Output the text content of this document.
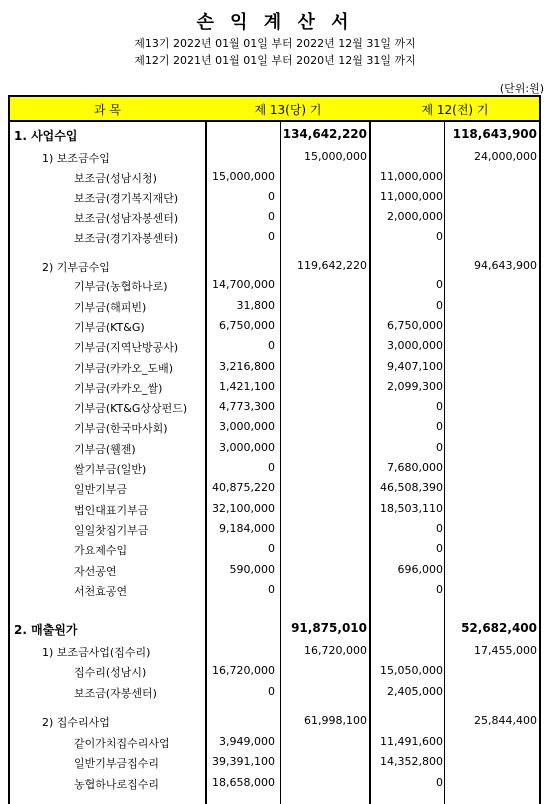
손 익 계 산 서
제13기 2022년 01월 01일 부터 2022년 12월 31일 까지
제12기 2021년 01월 01일 부터 2020년 12월 31일 까지
(단위:원)
과 목	제 13(당) 기	제 12(전) 기
1. 사업수입	134,642,220	118,643,900
1) 보조금수입	15,000,000	24,000,000
보조금(성남시청)	15,000,000	11,000,000
보조금(경기복지재단)	0	11,000,000
보조금(성남자봉센터)	0	2,000,000
보조금(경기자봉센터)	0	0
2) 기부금수입	119,642,220	94,643,900
기부금(농협하나로)	14,700,000	0
기부금(해피빈)	31,800	0
기부금(KT&G)	6,750,000	6,750,000
기부금(지역난방공사)	0	3,000,000
기부금(카카오_도배)	3,216,800	9,407,100
기부금(카카오_쌀)	1,421,100	2,099,300
기부금(KT&G상상펀드)	4,773,300	0
기부금(한국마사회)	3,000,000	0
기부금(웰젠)	3,000,000	0
쌀기부금(일반)	0	7,680,000
일반기부금	40,875,220	46,508,390
법인대표기부금	32,100,000	18,503,110
일일찻집기부금	9,184,000	0
가요제수입	0	0
자선공연	590,000	696,000
서천효공연	0	0
2. 매출원가	91,875,010	52,682,400
1) 보조금사업(집수리)	16,720,000	17,455,000
집수리(성남시)	16,720,000	15,050,000
보조금(자봉센터)	0	2,405,000
2) 집수리사업	61,998,100	25,844,400
같이가치집수리사업	3,949,000	11,491,600
일반기부금집수리	39,391,100	14,352,800
농협하나로집수리	18,658,000	0
